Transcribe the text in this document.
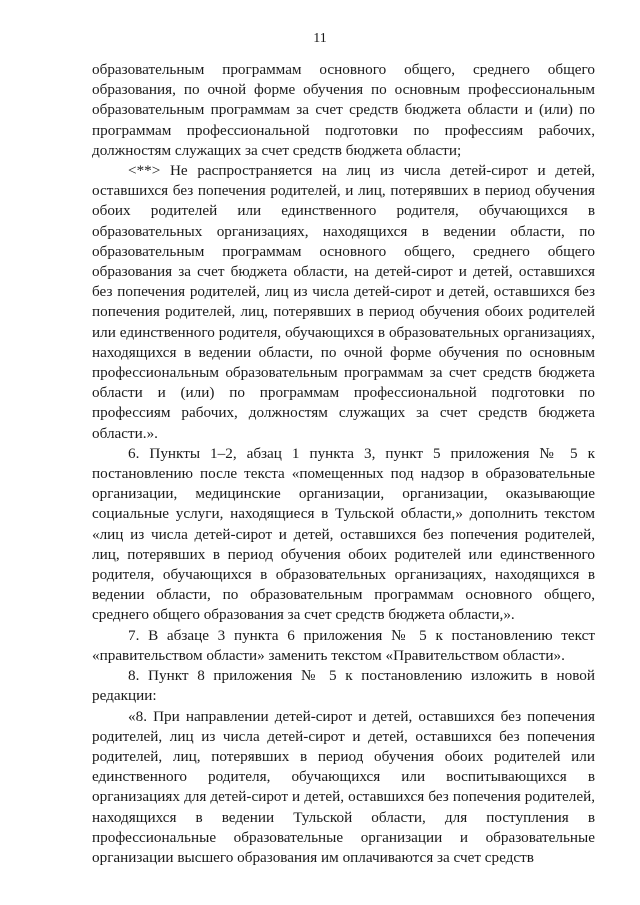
11

образовательным программам основного общего, среднего общего образования, по очной форме обучения по основным профессиональным образовательным программам за счет средств бюджета области и (или) по программам профессиональной подготовки по профессиям рабочих, должностям служащих за счет средств бюджета области;

<**> Не распространяется на лиц из числа детей-сирот и детей, оставшихся без попечения родителей, и лиц, потерявших в период обучения обоих родителей или единственного родителя, обучающихся в образовательных организациях, находящихся в ведении области, по образовательным программам основного общего, среднего общего образования за счет бюджета области, на детей-сирот и детей, оставшихся без попечения родителей, лиц из числа детей-сирот и детей, оставшихся без попечения родителей, лиц, потерявших в период обучения обоих родителей или единственного родителя, обучающихся в образовательных организациях, находящихся в ведении области, по очной форме обучения по основным профессиональным образовательным программам за счет средств бюджета области и (или) по программам профессиональной подготовки по профессиям рабочих, должностям служащих за счет средств бюджета области.».

6. Пункты 1–2, абзац 1 пункта 3, пункт 5 приложения № 5 к постановлению после текста «помещенных под надзор в образовательные организации, медицинские организации, организации, оказывающие социальные услуги, находящиеся в Тульской области,» дополнить текстом «лиц из числа детей-сирот и детей, оставшихся без попечения родителей, лиц, потерявших в период обучения обоих родителей или единственного родителя, обучающихся в образовательных организациях, находящихся в ведении области, по образовательным программам основного общего, среднего общего образования за счет средств бюджета области,».

7. В абзаце 3 пункта 6 приложения № 5 к постановлению текст «правительством области» заменить текстом «Правительством области».

8. Пункт 8 приложения № 5 к постановлению изложить в новой редакции:

«8. При направлении детей-сирот и детей, оставшихся без попечения родителей, лиц из числа детей-сирот и детей, оставшихся без попечения родителей, лиц, потерявших в период обучения обоих родителей или единственного родителя, обучающихся или воспитывающихся в организациях для детей-сирот и детей, оставшихся без попечения родителей, находящихся в ведении Тульской области, для поступления в профессиональные образовательные организации и образовательные организации высшего образования им оплачиваются за счет средств
